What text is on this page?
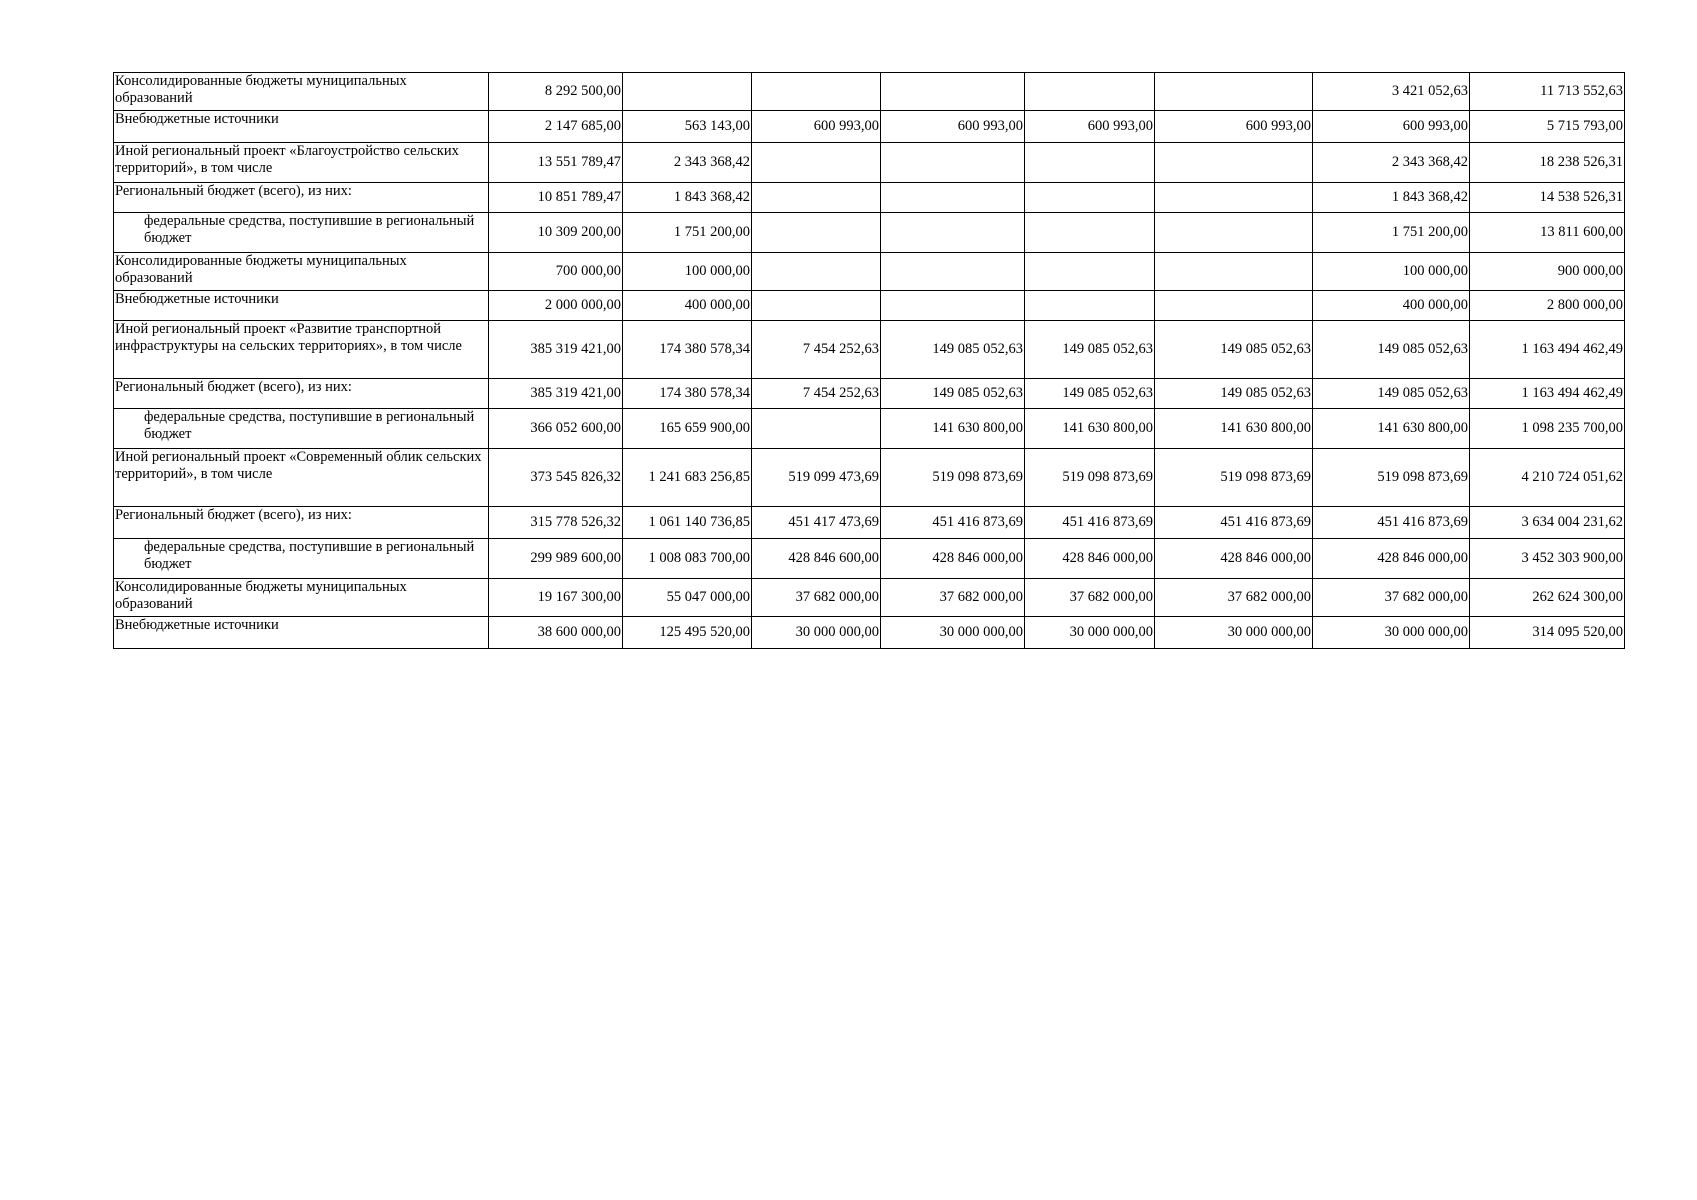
Консолидированные бюджеты муниципальных образований	8 292 500,00						3 421 052,63	11 713 552,63
Внебюджетные источники	2 147 685,00	563 143,00	600 993,00	600 993,00	600 993,00	600 993,00	600 993,00	5 715 793,00
Иной региональный проект «Благоустройство сельских территорий», в том числе	13 551 789,47	2 343 368,42					2 343 368,42	18 238 526,31
Региональный бюджет (всего), из них:	10 851 789,47	1 843 368,42					1 843 368,42	14 538 526,31
федеральные средства, поступившие в региональный бюджет	10 309 200,00	1 751 200,00					1 751 200,00	13 811 600,00
Консолидированные бюджеты муниципальных образований	700 000,00	100 000,00					100 000,00	900 000,00
Внебюджетные источники	2 000 000,00	400 000,00					400 000,00	2 800 000,00
Иной региональный проект «Развитие транспортной инфраструктуры на сельских территориях», в том числе	385 319 421,00	174 380 578,34	7 454 252,63	149 085 052,63	149 085 052,63	149 085 052,63	149 085 052,63	1 163 494 462,49
Региональный бюджет (всего), из них:	385 319 421,00	174 380 578,34	7 454 252,63	149 085 052,63	149 085 052,63	149 085 052,63	149 085 052,63	1 163 494 462,49
федеральные средства, поступившие в региональный бюджет	366 052 600,00	165 659 900,00		141 630 800,00	141 630 800,00	141 630 800,00	141 630 800,00	1 098 235 700,00
Иной региональный проект «Современный облик сельских территорий», в том числе	373 545 826,32	1 241 683 256,85	519 099 473,69	519 098 873,69	519 098 873,69	519 098 873,69	519 098 873,69	4 210 724 051,62
Региональный бюджет (всего), из них:	315 778 526,32	1 061 140 736,85	451 417 473,69	451 416 873,69	451 416 873,69	451 416 873,69	451 416 873,69	3 634 004 231,62
федеральные средства, поступившие в региональный бюджет	299 989 600,00	1 008 083 700,00	428 846 600,00	428 846 000,00	428 846 000,00	428 846 000,00	428 846 000,00	3 452 303 900,00
Консолидированные бюджеты муниципальных образований	19 167 300,00	55 047 000,00	37 682 000,00	37 682 000,00	37 682 000,00	37 682 000,00	37 682 000,00	262 624 300,00
Внебюджетные источники	38 600 000,00	125 495 520,00	30 000 000,00	30 000 000,00	30 000 000,00	30 000 000,00	30 000 000,00	314 095 520,00
